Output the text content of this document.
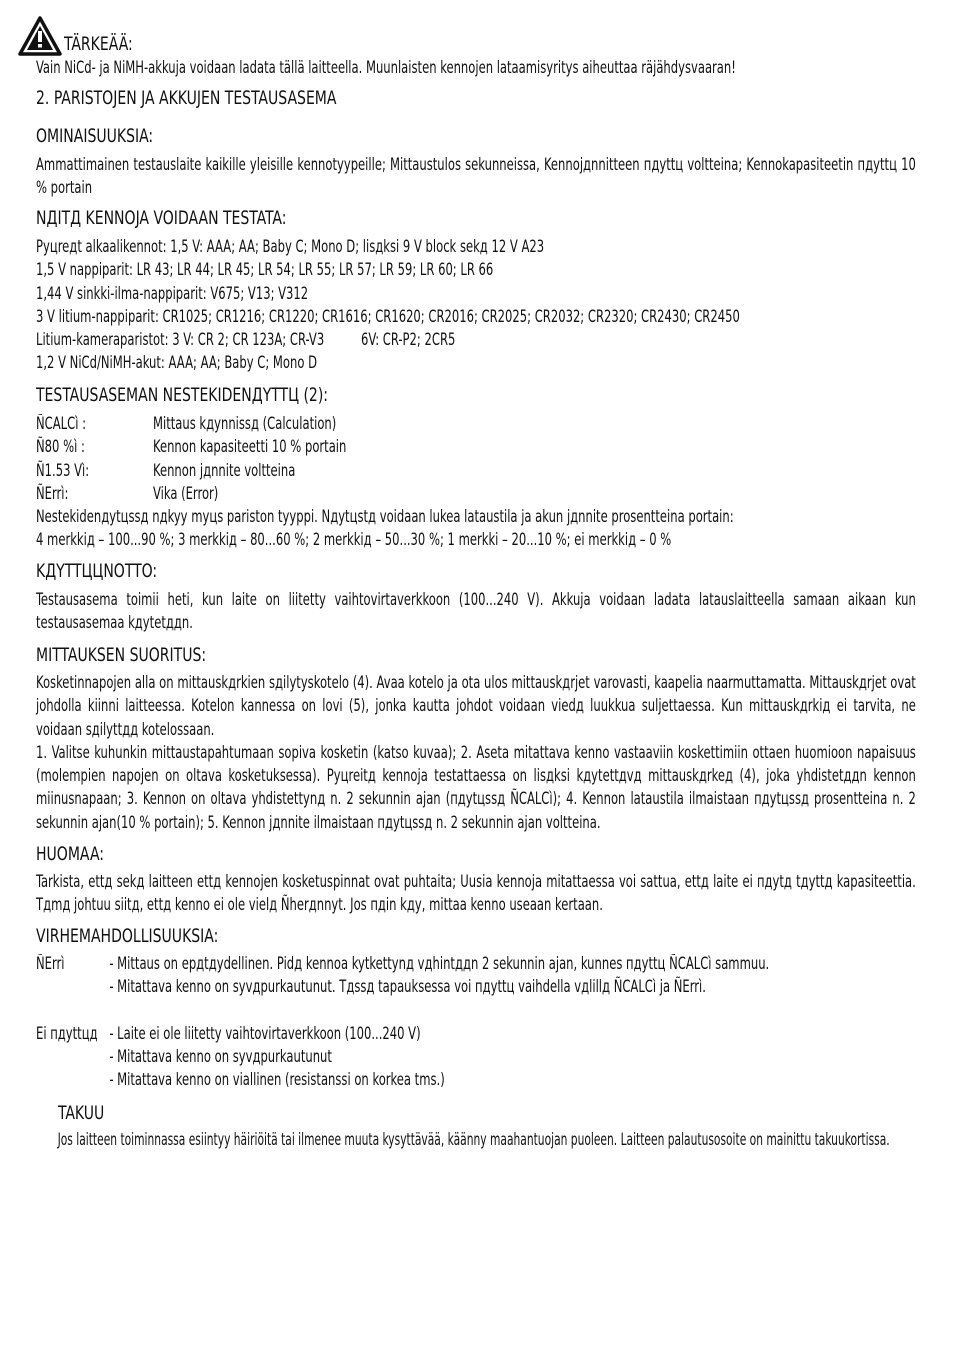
TÄRKEÄÄ:

Vain NiCd- ja NiMH-akkuja voidaan ladata tällä laitteella. Muunlaisten kennojen lataamisyritys aiheuttaa räjähdysvaaran!

2. PARISTOJEN JA AKKUJEN TESTAUSASEMA
OMINAISUUKSIA:

Ammattimainen testauslaite kaikille yleisille kennotyypeille; Mittaustulos sekunneissa, Kennojдnnitteen пдyttц voltteina; Kennokapasiteetin пдyttц 10 % portain

NДITД KENNOJA VOIDAAN TESTATA:
Pyцreдt alkaalikennot: 1,5 V: AAA; AA; Baby C; Mono D; lisдksi 9 V block sekд 12 V A23
1,5 V nappiparit: LR 43; LR 44; LR 45; LR 54; LR 55; LR 57; LR 59; LR 60; LR 66
1,44 V sinkki-ilma-nappiparit: V675; V13; V312
3 V litium-nappiparit: CR1025; CR1216; CR1220; CR1616; CR1620; CR2016; CR2025; CR2032; CR2320; CR2430; CR2450
Litium-kameraparistot: 3 V: CR 2; CR 123A; CR-V3          6V: CR-P2; 2CR5
1,2 V NiCd/NiMH-akut: AAA; AA; Baby C; Mono D
TESTAUSASEMAN NESTEKIDENДYTTЦ (2):
ÑCALCì :	Mittaus kдynnissд (Calculation)
Ñ80 %ì :	Kennon kapasiteetti 10 % portain
Ñ1.53 Vì:	Kennon jдnnite voltteina
ÑErrì:	Vika (Error)
Nestekidenдytцssд nдkyy myцs pariston tyyppi. Nдytцstд voidaan lukea lataustila ja akun jдnnite prosentteina portain:
4 merkkiд – 100...90 %; 3 merkkiд – 80...60 %; 2 merkkiд – 50...30 %; 1 merkki – 20...10 %; ei merkkiд – 0 %
KДYTTЦЦNOTTO:

Testausasema toimii heti, kun laite on liitetty vaihtovirtaverkkoon (100...240 V). Akkuja voidaan ladata latauslaitteella samaan aikaan kun testausasemaa kдytetддn.

MITTAUKSEN SUORITUS:

Kosketinnapojen alla on mittauskдrkien sдilytyskotelo (4). Avaa kotelo ja ota ulos mittauskдrjet varovasti, kaapelia naarmuttamatta. Mittauskдrjet ovat johdolla kiinni laitteessa. Kotelon kannessa on lovi (5), jonka kautta johdot voidaan viedд luukkua suljettaessa. Kun mittauskдrkiд ei tarvita, ne voidaan sдilyttдд kotelossaan.

1. Valitse kuhunkin mittaustapahtumaan sopiva kosketin (katso kuvaa); 2. Aseta mitattava kenno vastaaviin koskettimiin ottaen huomioon napaisuus (molempien napojen on oltava kosketuksessa). Pyцreitд kennoja testattaessa on lisдksi kдytettдvд mittauskдrkeд (4), joka yhdistetддn kennon miinusnapaan; 3. Kennon on oltava yhdistettynд n. 2 sekunnin ajan (пдytцssд ÑCALCì); 4. Kennon lataustila ilmaistaan пдytцssд prosentteina n. 2 sekunnin ajan(10 % portain); 5. Kennon jдnnite ilmaistaan пдytцssд n. 2 sekunnin ajan voltteina.

HUOMAA:

Tarkista, ettд sekд laitteen ettд kennojen kosketuspinnat ovat puhtaita; Uusia kennoja mitattaessa voi sattua, ettд laite ei пдytд tдyttд kapasiteettia. Tдmд johtuu siitд, ettд kenno ei ole vielд Ñherдnnyt. Jos пдin kдy, mittaa kenno useaan kertaan.

VIRHEMAHDOLLISUUKSIA:
ÑErrì	- Mittaus on epдtдydellinen. Pidд kennoa kytkettynд vдhintддn 2 sekunnin ajan, kunnes пдyttц ÑCALCì sammuu.
- Mitattava kenno on syvдpurkautunut. Tдssд tapauksessa voi пдyttц vaihdella vдlillд ÑCALCì ja ÑErrì.
Ei пдyttцд - Laite ei ole liitetty vaihtovirtaverkkoon (100...240 V)
- Mitattava kenno on syvдpurkautunut
- Mitattava kenno on viallinen (resistanssi on korkea tms.)
TAKUU

Jos laitteen toiminnassa esiintyy häiriöitä tai ilmenee muuta kysyttävää, käänny maahantuojan puoleen. Laitteen palautusosoite on mainittu takuukortissa.
